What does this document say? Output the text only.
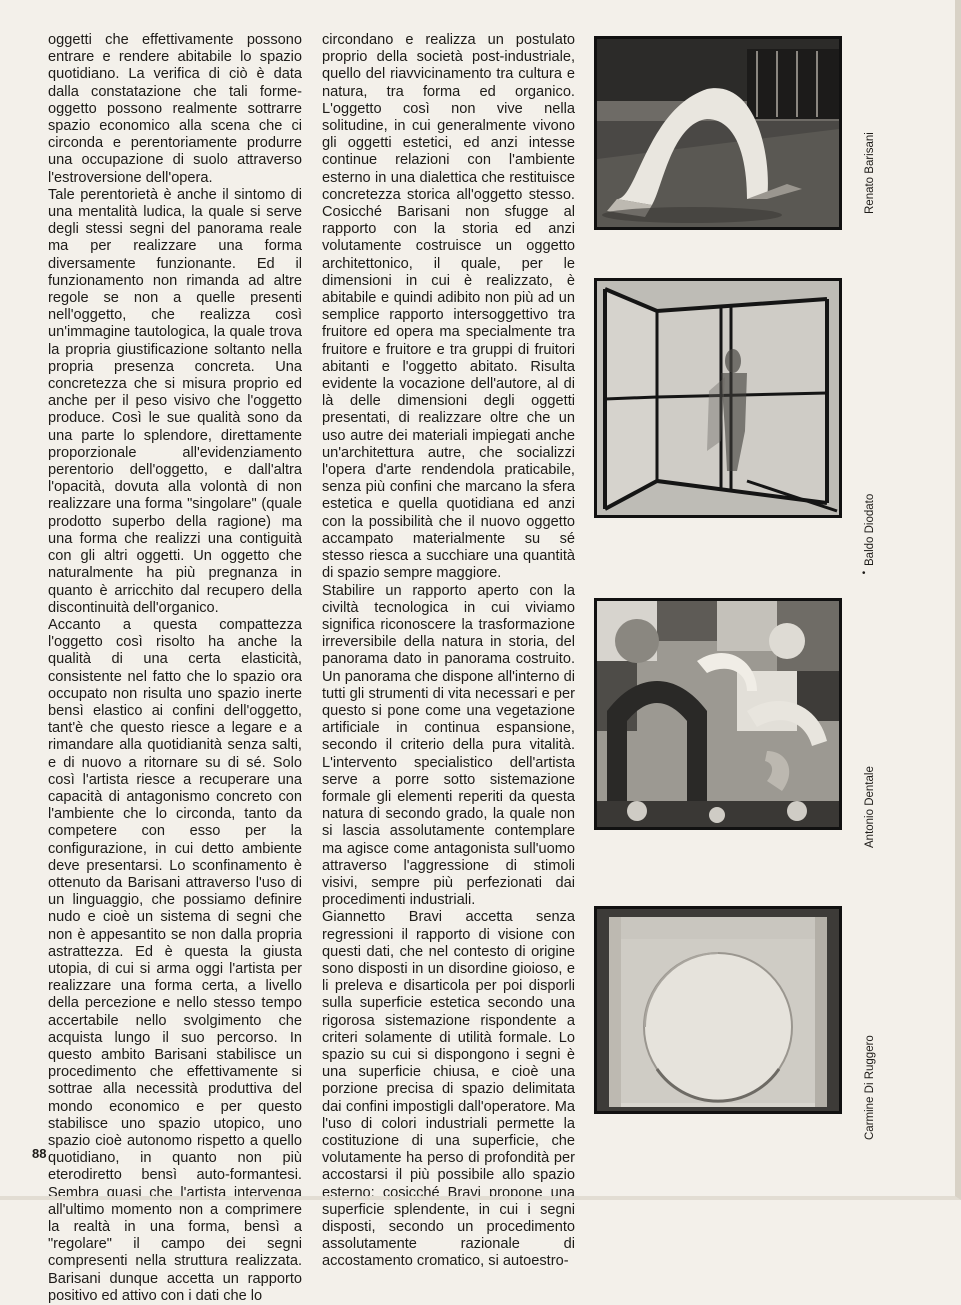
oggetti che effettivamente possono entrare e rendere abitabile lo spazio quotidiano. La verifica di ciò è data dalla constatazione che tali forme-oggetto possono realmente sottrarre spazio economico alla scena che ci circonda e perentoriamente produrre una occupazione di suolo attraverso l'estroversione dell'opera.

Tale perentorietà è anche il sintomo di una mentalità ludica, la quale si serve degli stessi segni del panorama reale ma per realizzare una forma diversamente funzionante. Ed il funzionamento non rimanda ad altre regole se non a quelle presenti nell'oggetto, che realizza così un'immagine tautologica, la quale trova la propria giustificazione soltanto nella propria presenza concreta. Una concretezza che si misura proprio ed anche per il peso visivo che l'oggetto produce. Così le sue qualità sono da una parte lo splendore, direttamente proporzionale all'evidenziamento perentorio dell'oggetto, e dall'altra l'opacità, dovuta alla volontà di non realizzare una forma "singolare" (quale prodotto superbo della ragione) ma una forma che realizzi una contiguità con gli altri oggetti. Un oggetto che naturalmente ha più pregnanza in quanto è arricchito dal recupero della discontinuità dell'organico.

Accanto a questa compattezza l'oggetto così risolto ha anche la qualità di una certa elasticità, consistente nel fatto che lo spazio ora occupato non risulta uno spazio inerte bensì elastico ai confini dell'oggetto, tant'è che questo riesce a legare e a rimandare alla quotidianità senza salti, e di nuovo a ritornare su di sé. Solo così l'artista riesce a recuperare una capacità di antagonismo concreto con l'ambiente che lo circonda, tanto da competere con esso per la configurazione, in cui detto ambiente deve presentarsi. Lo sconfinamento è ottenuto da Barisani attraverso l'uso di un linguaggio, che possiamo definire nudo e cioè un sistema di segni che non è appesantito se non dalla propria astrattezza. Ed è questa la giusta utopia, di cui si arma oggi l'artista per realizzare una forma certa, a livello della percezione e nello stesso tempo accertabile nello svolgimento che acquista lungo il suo percorso. In questo ambito Barisani stabilisce un procedimento che effettivamente si sottrae alla necessità produttiva del mondo economico e per questo stabilisce uno spazio utopico, uno spazio cioè autonomo rispetto a quello quotidiano, in quanto non più eterodiretto bensì auto-formantesi. Sembra quasi che l'artista intervenga all'ultimo momento non a comprimere la realtà in una forma, bensì a "regolare" il campo dei segni compresenti nella struttura realizzata. Barisani dunque accetta un rapporto positivo ed attivo con i dati che lo

circondano e realizza un postulato proprio della società post-industriale, quello del riavvicinamento tra cultura e natura, tra forma ed organico. L'oggetto così non vive nella solitudine, in cui generalmente vivono gli oggetti estetici, ed anzi intesse continue relazioni con l'ambiente esterno in una dialettica che restituisce concretezza storica all'oggetto stesso. Cosicché Barisani non sfugge al rapporto con la storia ed anzi volutamente costruisce un oggetto architettonico, il quale, per le dimensioni in cui è realizzato, è abitabile e quindi adibito non più ad un semplice rapporto intersoggettivo tra fruitore ed opera ma specialmente tra fruitore e fruitore e tra gruppi di fruitori abitanti e l'oggetto abitato. Risulta evidente la vocazione dell'autore, al di là delle dimensioni degli oggetti presentati, di realizzare oltre che un uso autre dei materiali impiegati anche un'architettura autre, che socializzi l'opera d'arte rendendola praticabile, senza più confini che marcano la sfera estetica e quella quotidiana ed anzi con la possibilità che il nuovo oggetto accampato materialmente su sé stesso riesca a succhiare una quantità di spazio sempre maggiore.

Stabilire un rapporto aperto con la civiltà tecnologica in cui viviamo significa riconoscere la trasformazione irreversibile della natura in storia, del panorama dato in panorama costruito. Un panorama che dispone all'interno di tutti gli strumenti di vita necessari e per questo si pone come una vegetazione artificiale in continua espansione, secondo il criterio della pura vitalità. L'intervento specialistico dell'artista serve a porre sotto sistemazione formale gli elementi reperiti da questa natura di secondo grado, la quale non si lascia assolutamente contemplare ma agisce come antagonista sull'uomo attraverso l'aggressione di stimoli visivi, sempre più perfezionati dai procedimenti industriali.

Giannetto Bravi accetta senza regressioni il rapporto di visione con questi dati, che nel contesto di origine sono disposti in un disordine gioioso, e li preleva e disarticola per poi disporli sulla superficie estetica secondo una rigorosa sistemazione rispondente a criteri solamente di utilità formale. Lo spazio su cui si dispongono i segni è una superficie chiusa, e cioè una porzione precisa di spazio delimitata dai confini impostigli dall'operatore. Ma l'uso di colori industriali permette la costituzione di una superficie, che volutamente ha perso di profondità per accostarsi il più possibile allo spazio esterno; cosicché Bravi propone una superficie splendente, in cui i segni disposti, secondo un procedimento assolutamente razionale di accostamento cromatico, si autoestro-

Renato Barisani
Baldo Diodato
•
Antonio Dentale
Carmine Di Ruggero
88
